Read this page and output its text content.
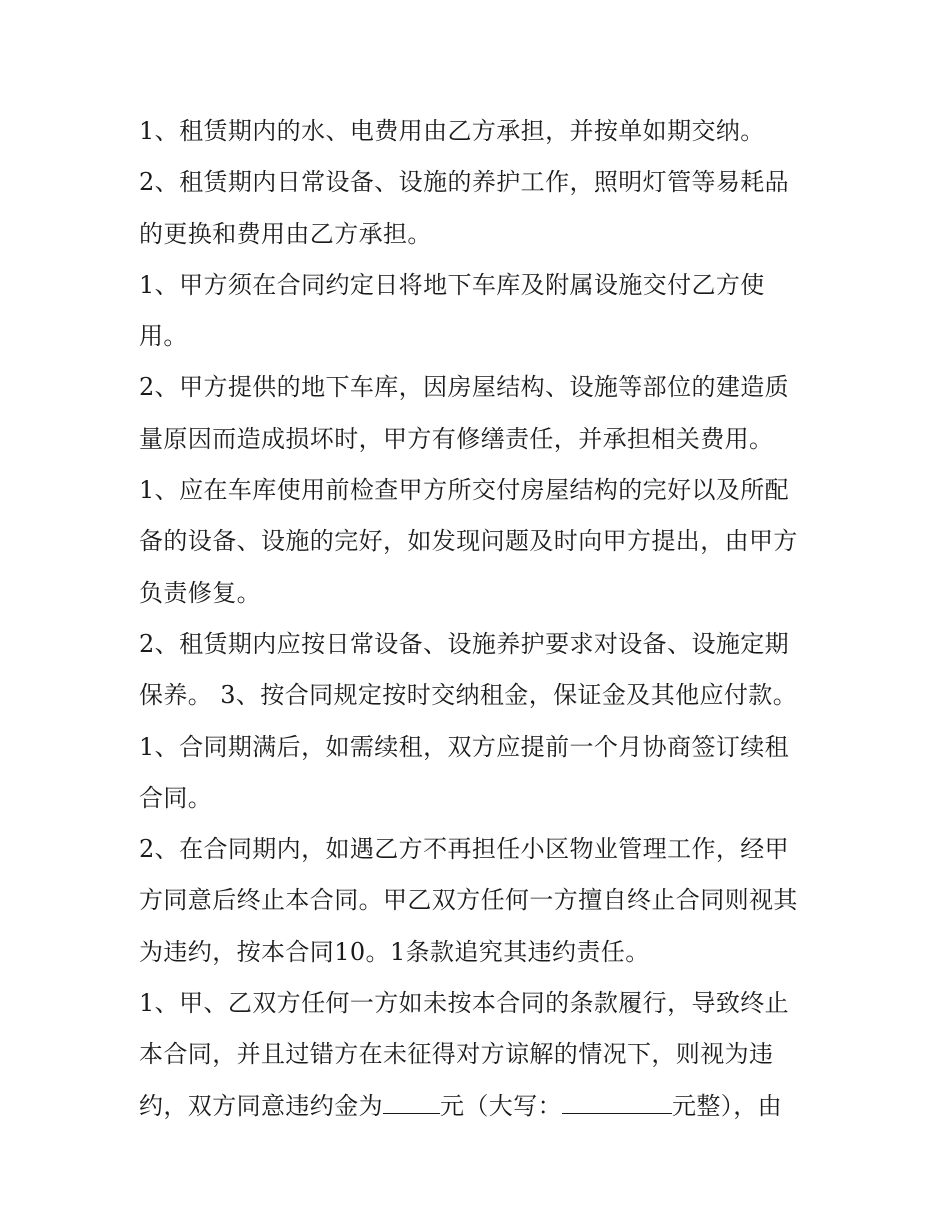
1、租赁期内的水、电费用由乙方承担，并按单如期交纳。
2、租赁期内日常设备、设施的养护工作，照明灯管等易耗品
的更换和费用由乙方承担。
1、甲方须在合同约定日将地下车库及附属设施交付乙方使
用。
2、甲方提供的地下车库，因房屋结构、设施等部位的建造质
量原因而造成损坏时，甲方有修缮责任，并承担相关费用。
1、应在车库使用前检查甲方所交付房屋结构的完好以及所配
备的设备、设施的完好，如发现问题及时向甲方提出，由甲方
负责修复。
2、租赁期内应按日常设备、设施养护要求对设备、设施定期
保养。 3、按合同规定按时交纳租金，保证金及其他应付款。
1、合同期满后，如需续租，双方应提前一个月协商签订续租
合同。
2、在合同期内，如遇乙方不再担任小区物业管理工作，经甲
方同意后终止本合同。甲乙双方任何一方擅自终止合同则视其
为违约，按本合同10。1条款追究其违约责任。
1、甲、乙双方任何一方如未按本合同的条款履行，导致终止
本合同，并且过错方在未征得对方谅解的情况下，则视为违
约，双方同意违约金为 元（大写：	元整），由
